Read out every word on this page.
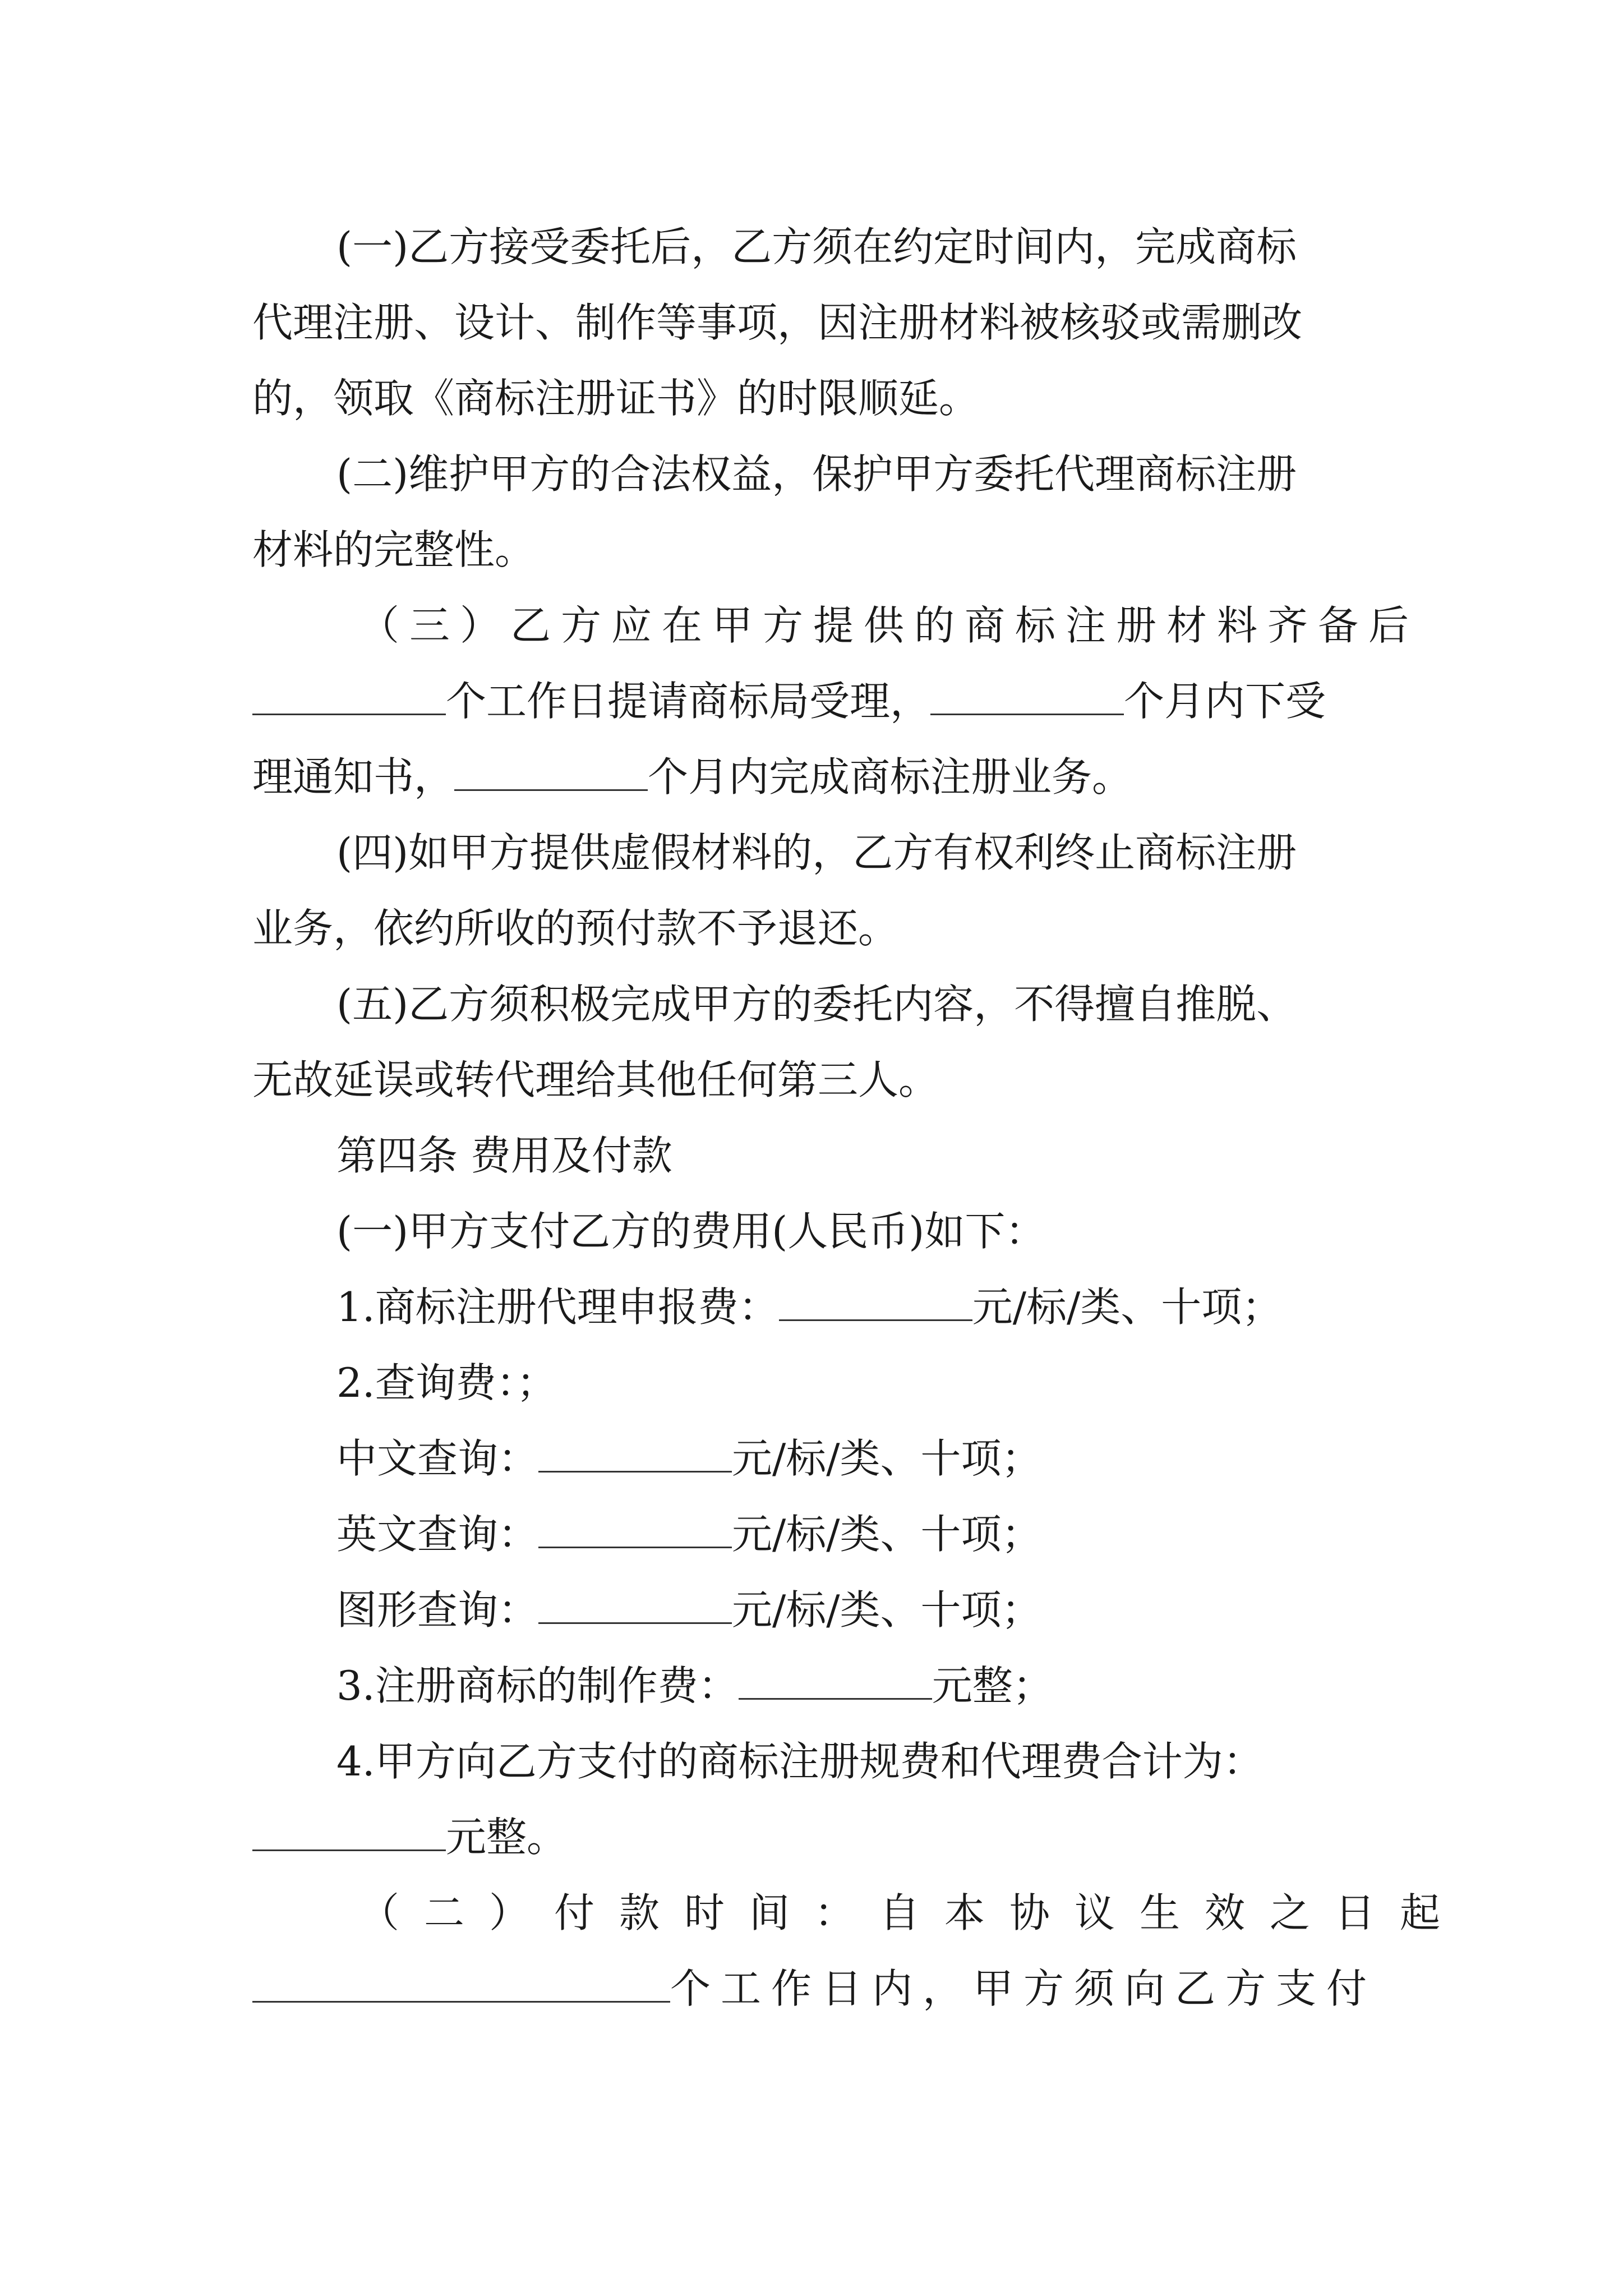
(一)乙方接受委托后，乙方须在约定时间内，完成商标
代理注册、设计、制作等事项，因注册材料被核驳或需删改
的，领取《商标注册证书》的时限顺延。
(二)维护甲方的合法权益，保护甲方委托代理商标注册
材料的完整性。
（三）乙方应在甲方提供的商标注册材料齐备后
个工作日提请商标局受理，	个月内下受
理通知书，	个月内完成商标注册业务。
(四)如甲方提供虚假材料的，乙方有权利终止商标注册
业务，依约所收的预付款不予退还。
(五)乙方须积极完成甲方的委托内容，不得擅自推脱、
无故延误或转代理给其他任何第三人。
第四条 费用及付款
(一)甲方支付乙方的费用(人民币)如下：
1.商标注册代理申报费：	元/标/类、十项；
2.查询费：；
中文查询：	元/标/类、十项；
英文查询：	元/标/类、十项；
图形查询：	元/标/类、十项；
3.注册商标的制作费：	元整；
4.甲方向乙方支付的商标注册规费和代理费合计为：
元整。
（二）付款时间：自本协议生效之日起
个工作日内，甲方须向乙方支付
